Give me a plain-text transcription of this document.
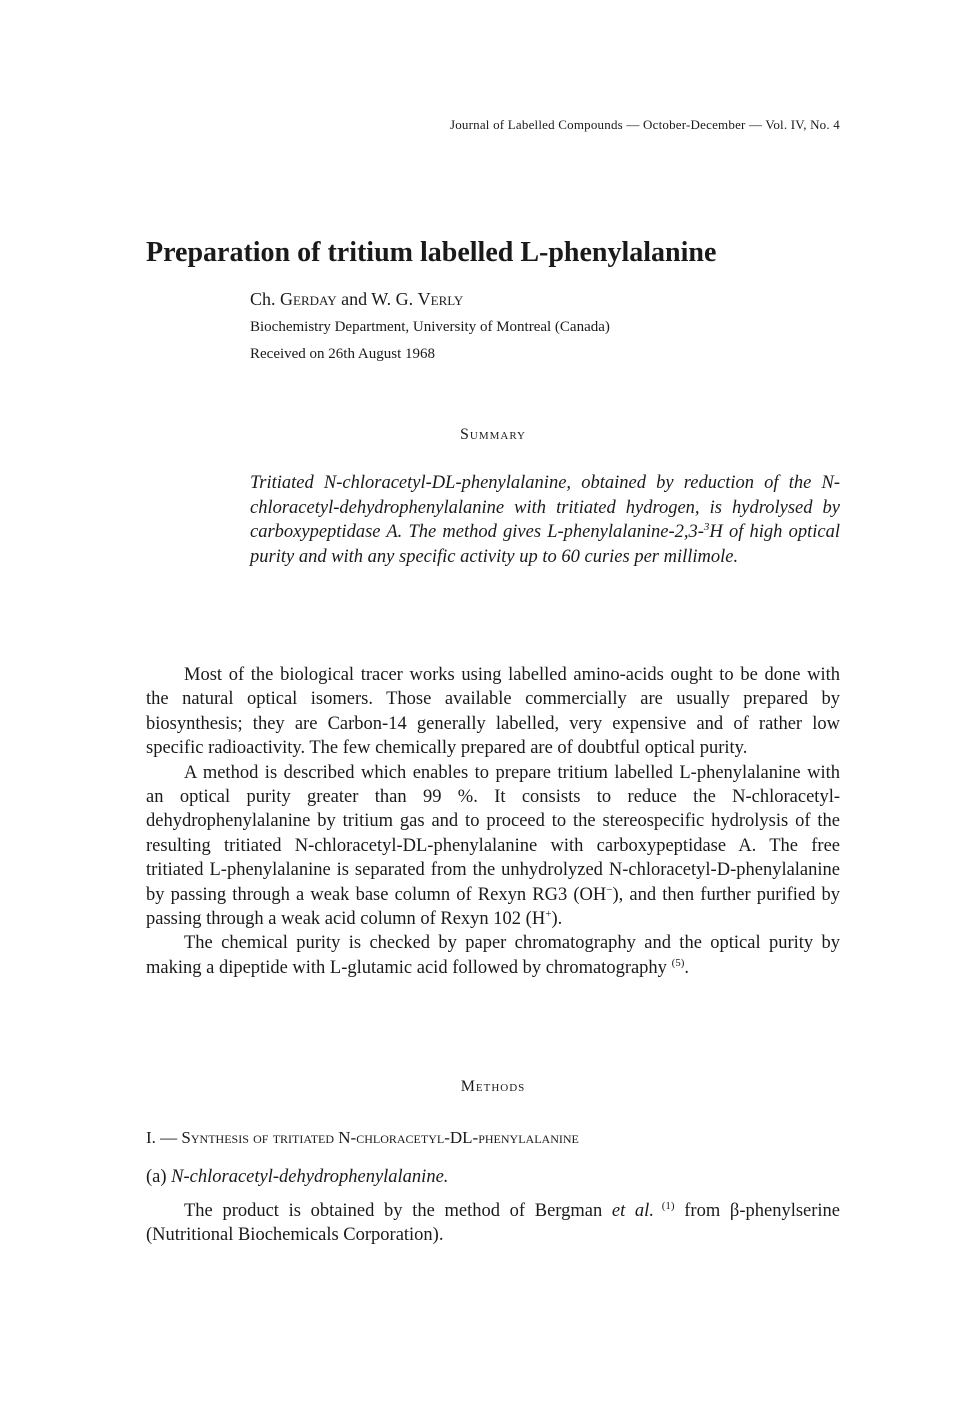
Journal of Labelled Compounds — October-December — Vol. IV, No. 4
Preparation of tritium labelled L-phenylalanine
Ch. Gerday and W. G. Verly
Biochemistry Department, University of Montreal (Canada)
Received on 26th August 1968
Summary

Tritiated N-chloracetyl-DL-phenylalanine, obtained by reduction of the N-chloracetyl-dehydrophenylalanine with tritiated hydrogen, is hydrolysed by carboxypeptidase A. The method gives L-phenylalanine-2,3-$^3$H of high optical purity and with any specific activity up to 60 curies per millimole.

Most of the biological tracer works using labelled amino-acids ought to be done with the natural optical isomers. Those available commercially are usually prepared by biosynthesis; they are Carbon-14 generally labelled, very expensive and of rather low specific radioactivity. The few chemically prepared are of doubtful optical purity.

A method is described which enables to prepare tritium labelled L-phenylalanine with an optical purity greater than 99 %. It consists to reduce the N-chloracetyl-dehydrophenylalanine by tritium gas and to proceed to the stereospecific hydrolysis of the resulting tritiated N-chloracetyl-DL-phenylalanine with carboxypeptidase A. The free tritiated L-phenylalanine is separated from the unhydrolyzed N-chloracetyl-D-phenylalanine by passing through a weak base column of Rexyn RG3 (OH−), and then further purified by passing through a weak acid column of Rexyn 102 (H+).

The chemical purity is checked by paper chromatography and the optical purity by making a dipeptide with L-glutamic acid followed by chromatography $^{(5)}$.

Methods
I. — Synthesis of tritiated N-chloracetyl-DL-phenylalanine
(a) N-chloracetyl-dehydrophenylalanine.

The product is obtained by the method of Bergman et al. $^{(1)}$ from β-phenylserine (Nutritional Biochemicals Corporation).
